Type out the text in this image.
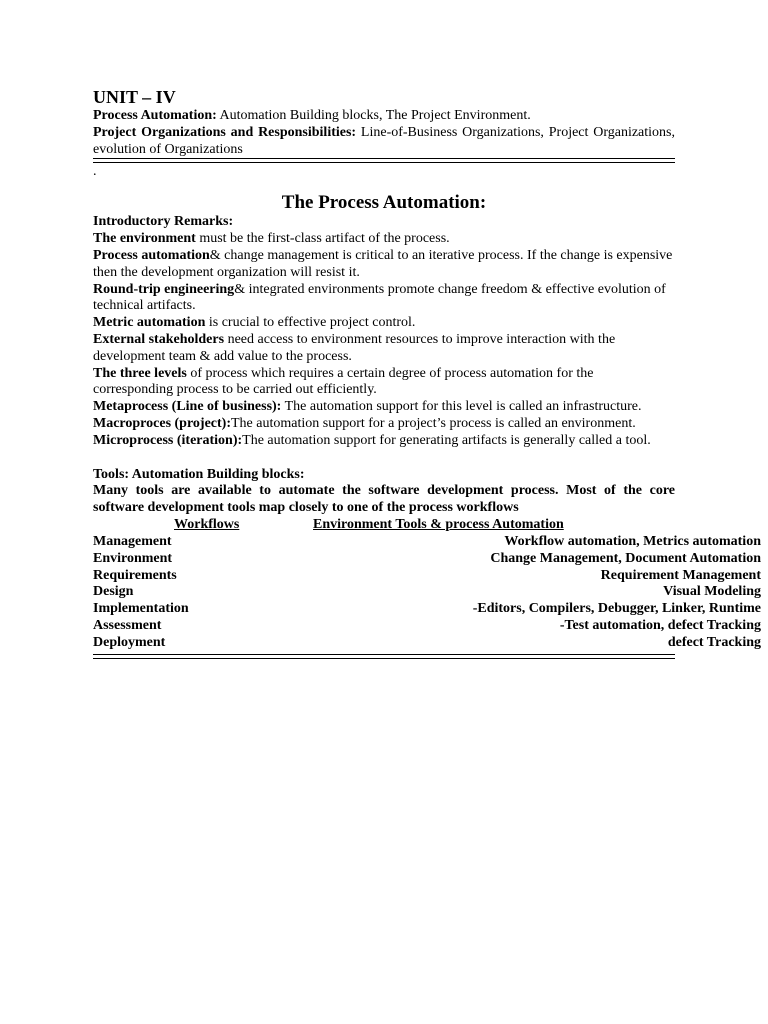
UNIT – IV

Process Automation: Automation Building blocks, The Project Environment.

Project Organizations and Responsibilities: Line-of-Business Organizations, Project Organizations, evolution of Organizations

.
The Process Automation:

Introductory Remarks:

The environment must be the first-class artifact of the process.

Process automation& change management is critical to an iterative process. If the change is expensive then the development organization will resist it.

Round-trip engineering& integrated environments promote change freedom & effective evolution of technical artifacts.

Metric automation is crucial to effective project control.

External stakeholders need access to environment resources to improve interaction with the development team & add value to the process.

The three levels of process which requires a certain degree of process automation for the corresponding process to be carried out efficiently.

Metaprocess (Line of business): The automation support for this level is called an infrastructure.

Macroproces (project):The automation support for a project’s process is called an environment.

Microprocess (iteration):The automation support for generating artifacts is generally called a tool.

Tools: Automation Building blocks:

Many tools are available to automate the software development process. Most of the core software development tools map closely to one of the process workflows

Workflows	Environment Tools & process Automation
Management	Workflow automation, Metrics automation
Environment	Change Management, Document Automation
Requirements	Requirement Management
Design	Visual Modeling
Implementation	-Editors, Compilers, Debugger, Linker, Runtime
Assessment	-Test automation, defect Tracking
Deployment	defect Tracking
